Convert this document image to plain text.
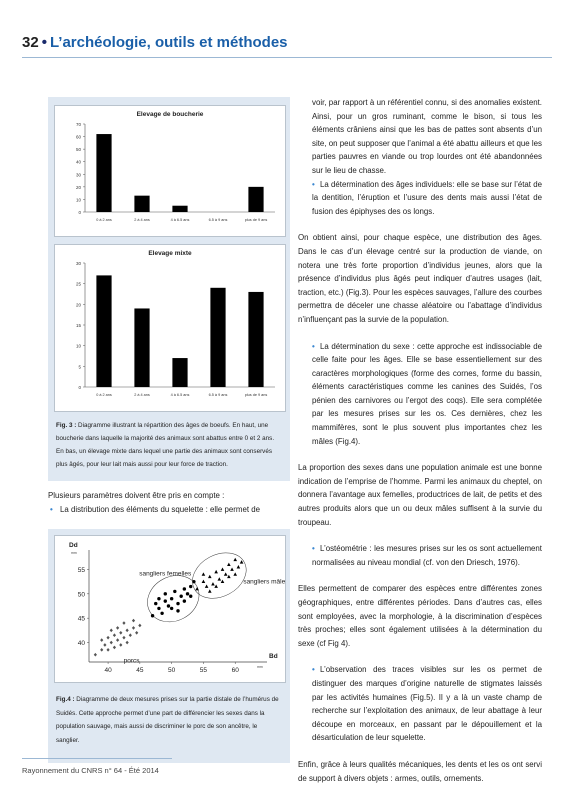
32 • L’archéologie, outils et méthodes
Elevage de boucherie
0
10
20
30
40
50
60
70
0 à 2 ans	2 à 4 ans	4 à 6.5 ans	6.5 à 9 ans	plus de 9 ans
Elevage mixte
0
5
10
15
20
25
30
0 à 2 ans	2 à 4 ans	4 à 6.5 ans	6.5 à 9 ans	plus de 9 ans
Fig. 3 : Diagramme illustrant la répartition des âges de boeufs. En haut, une boucherie dans laquelle la majorité des animaux sont abattus entre 0 et 2 ans. En bas, un élevage mixte dans lequel une partie des animaux sont conservés plus âgés, pour leur lait mais aussi pour leur force de traction.

Plusieurs paramètres doivent être pris en compte :

• La distribution des éléments du squelette : elle permet de

Dd
mm
Bd
mm
40
45
50
55
40	45	50	55	60
porcs
sangliers femelles
sangliers mâles
Fig.4 : Diagramme de deux mesures prises sur la partie distale de l’humérus de Suidés. Cette approche permet d’une part de différencier les sexes dans la population sauvage, mais aussi de discriminer le porc de son ancêtre, le sanglier.
voir, par rapport à un référentiel connu, si des anomalies existent. Ainsi, pour un gros ruminant, comme le bison, si tous les éléments crâniens ainsi que les bas de pattes sont absents d’un site, on peut supposer que l’animal a été abattu ailleurs et que les parties pauvres en viande ou trop lourdes ont été abandonnées sur le lieu de chasse.
• La détermination des âges individuels: elle se base sur l’état de la dentition, l’éruption et l’usure des dents mais aussi l’état de fusion des épiphyses des os longs.
On obtient ainsi, pour chaque espèce, une distribution des âges. Dans le cas d’un élevage centré sur la production de viande, on notera une très forte proportion d’individus jeunes, alors que la présence d’individus plus âgés peut indiquer d’autres usages (lait, traction, etc.) (Fig.3). Pour les espèces sauvages, l’allure des courbes permettra de déceler une chasse aléatoire ou l’abattage d’individus n’influençant pas la survie de la population.
• La détermination du sexe : cette approche est indissociable de celle faite pour les âges. Elle se base essentiellement sur des caractères morphologiques (forme des cornes, forme du bassin, éléments caractéristiques comme les canines des Suidés, l’os pénien des carnivores ou l’ergot des coqs). Elle sera complétée par les mesures prises sur les os. Ces dernières, chez les mammifères, sont le plus souvent plus importantes chez les mâles (Fig.4).
La proportion des sexes dans une population animale est une bonne indication de l’emprise de l’homme. Parmi les animaux du cheptel, on donnera l’avantage aux femelles, productrices de lait, de petits et des autres produits alors que un ou deux mâles suffisent à la survie du troupeau.
• L’ostéométrie : les mesures prises sur les os sont actuellement normalisées au niveau mondial (cf. von den Driesch, 1976).
Elles permettent de comparer des espèces entre différentes zones géographiques, entre différentes périodes. Dans d’autres cas, elles sont employées, avec la morphologie, à la discrimination d’espèces très proches; elles sont également utilisées à la détermination du sexe (cf Fig 4).
• L’observation des traces visibles sur les os permet de distinguer des marques d’origine naturelle de stigmates laissés par les activités humaines (Fig.5). Il y a là un vaste champ de recherche sur l’exploitation des animaux, de leur abattage à leur découpe en morceaux, en passant par le dépouillement et la désarticulation de leur squelette.
Enfin, grâce à leurs qualités mécaniques, les dents et les os ont servi de support à divers objets : armes, outils, ornements.
Rayonnement du CNRS n° 64 - Été 2014
